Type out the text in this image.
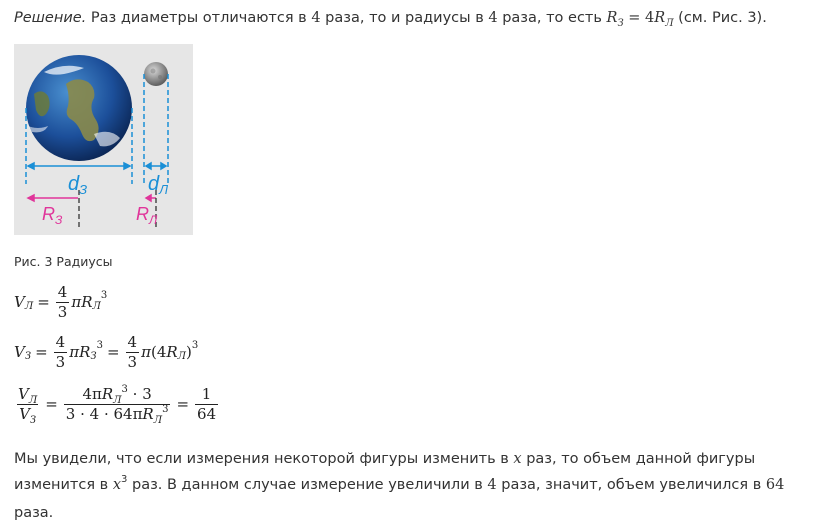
Решение. Раз диаметры отличаются в 4 раза, то и радиусы в 4 раза, то есть $R_З = 4R_Л$ (см. Рис. 3).
$d_З$	$d_Л$
$R_З$	$R_Л$
Рис. 3 Радиусы
V $Л = \frac{4}{3}$ π R Л
3
V $З = \frac{4}{3}$ π R З
$3 = \frac{4}{3}$ π ( 4 R Л ) 3
$\frac{V_Л}{V_З} = \frac{4\pi R_Л^3 \cdot 3}{3 \cdot 4 \cdot 64\pi R_Л^3} = \frac{1}{64}$
Мы увидели, что если измерения некоторой фигуры изменить в x раз, то объем данной фигуры изменится в $x^3$ раз. В данном случае измерение увеличили в 4 раза, значит, объем увеличился в 64 раза.
